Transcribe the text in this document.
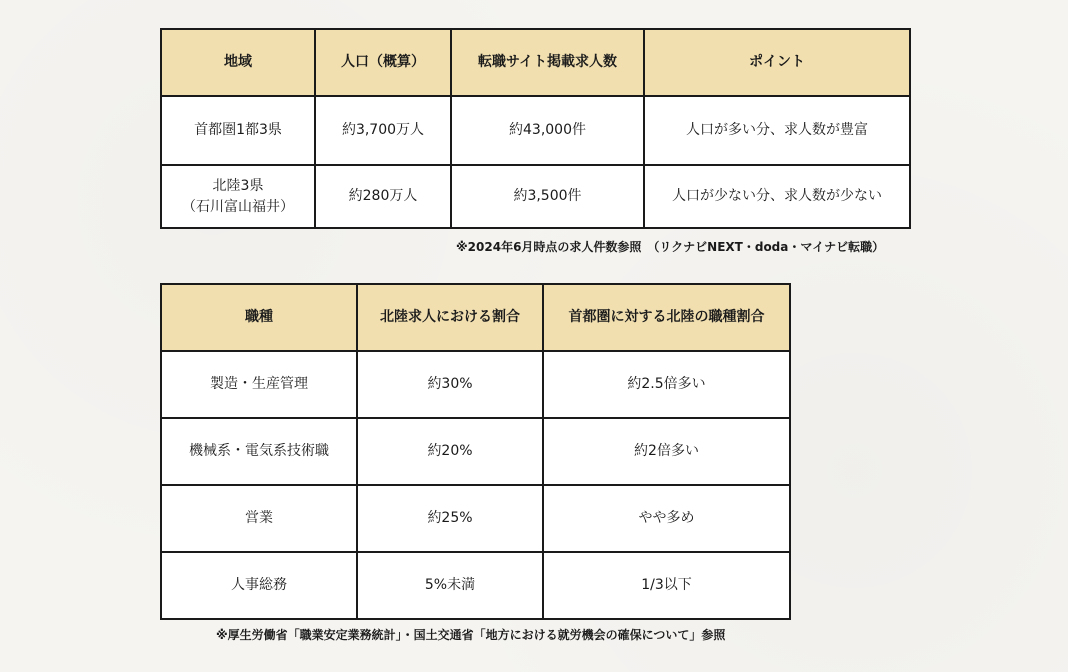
地域	人口（概算）	転職サイト掲載求人数	ポイント
首都圏1都3県	約3,700万人	約43,000件	人口が多い分、求人数が豊富

北陸3県
（石川富山福井）	約280万人	約3,500件	人口が少ない分、求人数が少ない
※2024年6月時点の求人件数参照　（リクナビNEXT・doda・マイナビ転職）
職種	北陸求人における割合	首都圏に対する北陸の職種割合
製造・生産管理	約30%	約2.5倍多い
機械系・電気系技術職	約20%	約2倍多い
営業	約25%	やや多め
人事総務	5%未満	1/3以下
※厚生労働省「職業安定業務統計」・国土交通省「地方における就労機会の確保について」参照
